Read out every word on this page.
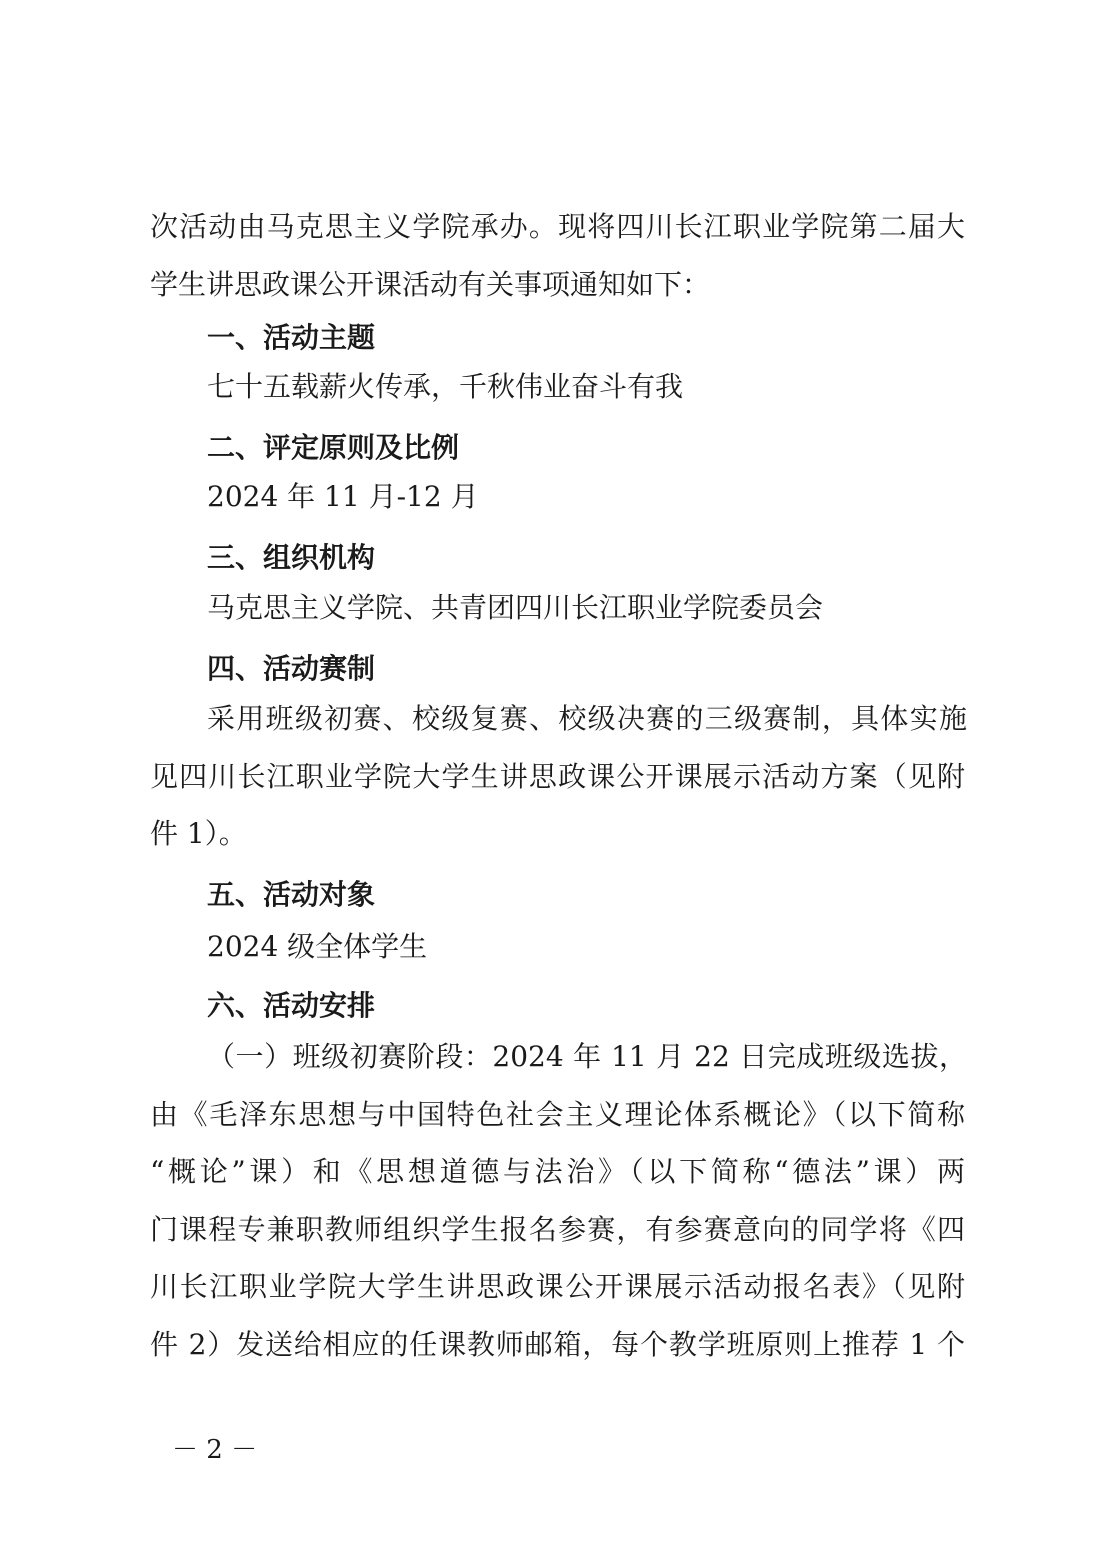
次活动由马克思主义学院承办。现将四川长江职业学院第二届大

学生讲思政课公开课活动有关事项通知如下：

一、活动主题

七十五载薪火传承，千秋伟业奋斗有我

二、评定原则及比例

2024 年 11 月-12 月

三、组织机构

马克思主义学院、共青团四川长江职业学院委员会

四、活动赛制

采用班级初赛、校级复赛、校级决赛的三级赛制，具体实施

见四川长江职业学院大学生讲思政课公开课展示活动方案（见附

件 1）。

五、活动对象

2024 级全体学生

六、活动安排

（一）班级初赛阶段：2024 年 11 月 22 日完成班级选拔，

由《毛泽东思想与中国特色社会主义理论体系概论》（以下简称

“概论”课）和《思想道德与法治》（以下简称“德法”课）两

门课程专兼职教师组织学生报名参赛，有参赛意向的同学将《四

川长江职业学院大学生讲思政课公开课展示活动报名表》（见附

件 2）发送给相应的任课教师邮箱，每个教学班原则上推荐 1 个

－ 2 －
